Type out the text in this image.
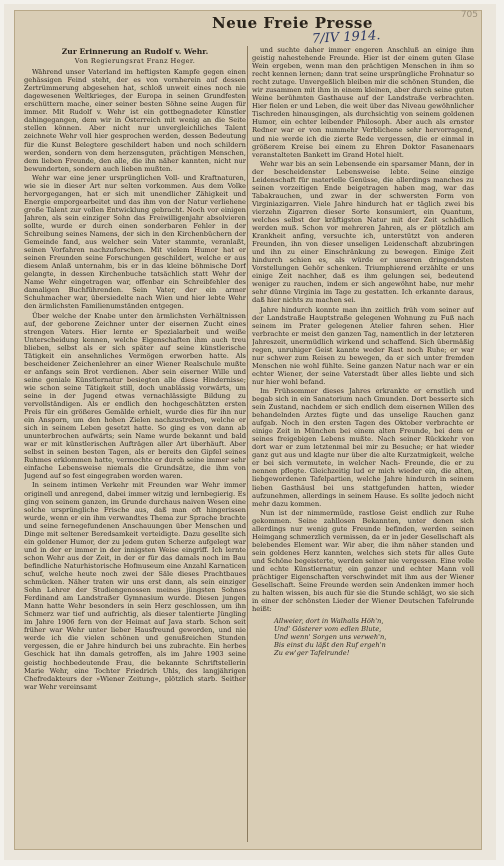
Neue Freie Presse
7/IV 1914.
705
Zur Erinnerung an Rudolf v. Wehr.
Von Regierungsrat Franz Heger.

Während unser Vaterland im heftigsten Kampfe gegen einen gehässigen Feind steht, der es von vornherein auf dessen Zertrümmerung abgesehen hat, schloß unweit eines noch nie dagewesenen Weltkrieges, der Europa in seinen Grundfesten erschüttern mache, einer seiner besten Söhne seine Augen für immer. Mit Rudolf v. Wehr ist ein gottbegnadeter Künstler dahingegangen, dem wir in Österreich mit wenig an die Seite stellen können. Aber nicht nur unvergleichliches Talent zeichnete Wehr voll hier gesprochen werden, dessen Bedeutung für die Kunst Belegtere geschildert haben und noch schildern werden, sondern von dem herzensguten, prächtigen Menschen, dem lieben Freunde, den alle, die ihn näher kannten, nicht nur bewunderten, sondern auch lieben mußten.

Wehr war eine jener ursprünglichen Voll- und Kraftnaturen, wie sie in dieser Art nur selten vorkommen. Aus dem Volke hervorgegangen, hat er sich mit unendlicher Zähigkeit und Energie emporgearbeitet und das ihm von der Natur verliehene große Talent zur vollen Entwicklung gebracht. Noch vor einigen Jahren, als sein einziger Sohn das Freiwilligenjahr absolvieren sollte, wurde er durch einen sonderbaren Fehler in der Schreibung seines Namens, der sich in den Kirchenbüchern der Gemeinde fand, aus welcher sein Vater stammte, veranlaßt, seinen Vorfahren nachzuforschen. Mit vielem Humor hat er seinen Freunden seine Forschungen geschildert, welche er aus diesem Anlaß unternahm, bis er in das kleine böhmische Dorf gelangte, in dessen Kirchenbuche tatsächlich statt Wehr der Name Wehr eingetragen war, offenbar ein Schreibfehler des damaligen Buchführenden. Sein Vater, der ein armer Schuhmacher war, übersiedelte nach Wien und hier lebte Wehr den ärmlichsten Familienumständen entgegen.

Über welche der Knabe unter den ärmlichsten Verhältnissen auf, der geborene Zeichner unter der eisernen Zucht eines strengen Vaters. Hier lernte er Spezialarbeit und weiße Unterscheidung kennen, welche Eigenschaften ihm auch treu blieben, selbst als er sich später auf seine künstlerische Tätigkeit ein ansehnliches Vermögen erworben hatte. Als bescheidener Zeichenlehrer an einer Wiener Realschule mußte er anfangs sein Brot verdienen. Aber sein eiserner Wille und seine geniale Künstlernatur besiegten alle diese Hindernisse; wie schon seine Tätigkeit still, doch unablässig vorwärts, um seine in der Jugend etwas vernachlässigte Bildung zu vervollständigen. Als er endlich den hochgeschätzten ersten Preis für ein größeres Gemälde erhielt, wurde dies für ihn nur ein Ansporn, um den hohen Zielen nachzustreben, welche er sich in seinem Leben gesetzt hatte. So ging es von dann ab ununterbrochen aufwärts; sein Name wurde bekannt und bald war er mit künstlerischen Aufträgen aller Art überhäuft. Aber selbst in seinen besten Tagen, als er bereits den Gipfel seines Ruhmes erklommen hatte, vermochte er durch seine immer sehr einfache Lebensweise niemals die Grundsätze, die ihm von Jugend auf so fest eingegraben worden waren.

In seinem intimen Verkehr mit Freunden war Wehr immer originell und anregend, dabei immer witzig und lernbegierig. Es ging von seinem ganzen, im Grunde durchaus naiven Wesen eine solche ursprüngliche Frische aus, daß man oft hingerissen wurde, wenn er ein ihm verwandtes Thema zur Sprache brachte und seine fernegefundenen Anschauungen über Menschen und Dinge mit seltener Beredsamkeit verteidigte. Dazu gesellte sich ein goldener Humor, der zu jedem guten Scherze aufgelegt war und in der er immer in der innigsten Weise eingriff. Ich lernte schon Wehr aus der Zeit, in der er für das damals noch im Bau befindliche Naturhistorische Hofmuseum eine Anzahl Karnaticen schuf, welche heute noch zwei der Säle dieses Prachtbaues schmücken. Näher traten wir uns erst dann, als sein einziger Sohn Lehrer der Studiengenossen meines jüngsten Sohnes Ferdinand am Landstraßer Gymnasium wurde. Diesen jungen Mann hatte Wehr besonders in sein Herz geschlossen, um ihn Schmerz war tief und aufrichtig, als dieser talentierte Jüngling im Jahre 1906 fern von der Heimat auf Java starb. Schon seit früher war Wehr unter lieber Hausfreund geworden, und nie werde ich die vielen schönen und genußreichen Stunden vergessen, die er Jahre hindurch bei uns zubrachte. Ein herbes Geschick hat ihn damals getroffen, als im Jahre 1903 seine geistig hochbedeutende Frau, die bekannte Schriftstellerin Marie Wehr, eine Tochter Friedrich Uhls, des langjährigen Chefredakteurs der »Wiener Zeitung«, plötzlich starb. Seither war Wehr vereinsamt

und suchte daher immer engeren Anschluß an einige ihm geistig nahestehende Freunde. Hier ist der einem guten Glase Wein ergeben, wenn man den prächtigen Menschen in ihm so recht kennen lernen; dann trat seine ursprüngliche Frohnatur so recht zutage. Unvergeßlich bleiben mir die schönen Stunden, die wir zusammen mit ihm in einem kleinen, aber durch seine guten Weine berühmten Gasthause auf der Landstraße verbrachten. Hier fielen er und Leben, die weit über das Niveau gewöhnlicher Tischreden hinausgingen, als durchsichtig von seinem goldenen Humor, ein echter leibender Philosoph. Aber auch als ernster Redner war er von nummehr Verblichene sehr hervorragend, und nie werde ich die zierte Rede vergessen, die er einmal in größerem Kreise bei einem zu Ehren Doktor Fasanenaars veranstalteten Bankett im Grand Hotel hielt.

Wehr war bis an sein Lebensende ein sparsamer Mann, der in der bescheidenster Lebensweise lebte. Seine einzige Leidenschaft für materielle Genüsse, die allerdings manches zu seinen vorzeitigen Ende beigetragen haben mag, war das Tabakrauchen, und zwar in der schwersten Form von Virginiazigarren. Viele Jahre hindurch hat er täglich zwei bis vierzehn Zigarren dieser Sorte konsumiert, ein Quantum, welches selbst der kräftigsten Natur mit der Zeit schädlich werden muß. Schon vor mehreren Jahren, als er plötzlich am Krankheit anfing, versuchte ich, unterstützt von anderen Freunden, ihn von dieser unseligen Leidenschaft abzubringen und ihn zu einer Einschränkung zu bewegen. Einige Zeit hindurch schien es, als würde er unseren dringendsten Vorstellungen Gehör schenken. Triumphierend erzählte er uns einige Zeit nachher, daß es ihm gelungen sei, bedeutend weniger zu rauchen, indem er sich angewöhnt habe, nur mehr sehr dünne Virginia im Tage zu gestatten. Ich erkannte daraus, daß hier nichts zu machen sei.

Jahre hindurch konnte man ihn zeitlich früh vom seiner auf der Landstraße Hauptstraße gelegenen Wohnung zu Fuß nach seinem im Prater gelegenen Atelier fahren sehen. Hier verbrachte er meist den ganzen Tag, namentlich in der letzteren Jahreszeit, unermüdlich wirkend und schaffend. Sich übermäßig regen, unruhiger Geist kannte weder Rast noch Ruhe; er war nur schwer zum Reisen zu bewegen, da er sich unter fremden Menschen nie wohl fühlte. Seine ganzen Natur nach war er ein echter Wiener, der seine Vaterstadt über alles liebte und sich nur hier wohl befand.

Im Frühsommer dieses Jahres erkrankte er ernstlich und begab sich in ein Sanatorium nach Gmunden. Dort besserte sich sein Zustand, nachdem er sich endlich dem eisernen Willen des behandelnden Arztes fügte und das unselige Rauchen ganz aufgab. Noch in den ersten Tagen des Oktober verbrachte er einige Zeit in München bei einem alten Freunde, bei dem er seines freigebigen Lebens mußte. Nach seiner Rückkehr von dort war er zum letztenmal bei mir zu Besuche; er hat wieder ganz gut aus und klagte nur über die alte Kurzatmigkeit, welche er bei sich vermutete, in welcher Nach- Freunde, die er zu nennen pflegte. Gleichzeitig lud er mich wieder ein, die alten, liebgewordenen Tafelpartien, welche Jahre hindurch in seinem lieben Gasthäusl bei uns stattgefunden hatten, wieder aufzunehmen, allerdings in seinem Hause. Es sollte jedoch nicht mehr dazu kommen.

Nun ist der nimmermüde, rastlose Geist endlich zur Ruhe gekommen. Seine zahllosen Bekannten, unter denen sich allerdings nur wenig gute Freunde befinden, werden seinen Heimgang schmerzlich vermissen, da er in jeder Gesellschaft als belebendes Element war. Wir aber, die ihm näher standen und sein goldenes Herz kannten, welches sich stets für alles Gute und Schöne begeisterte, werden seiner nie vergessen. Eine volle und echte Künstlernatur, ein ganzer und echter Mann voll prächtiger Eigenschaften verschwindet mit ihm aus der Wiener Gesellschaft. Seine Freunde werden sein Andenken immer hoch zu halten wissen, bis auch für sie die Stunde schlägt, wo sie sich in einer der schönsten Lieder der Wiener Deutschen Tafelrunde heißt:

Allweier, dort in Walhalls Höh'n,
Und' Gösterer vom edlen Blute,
Und wenn' Sorgen uns verweh'n,
Bis einst du läßt den Ruf ergeh'n
Zu ew'ger Tafelrunde!
